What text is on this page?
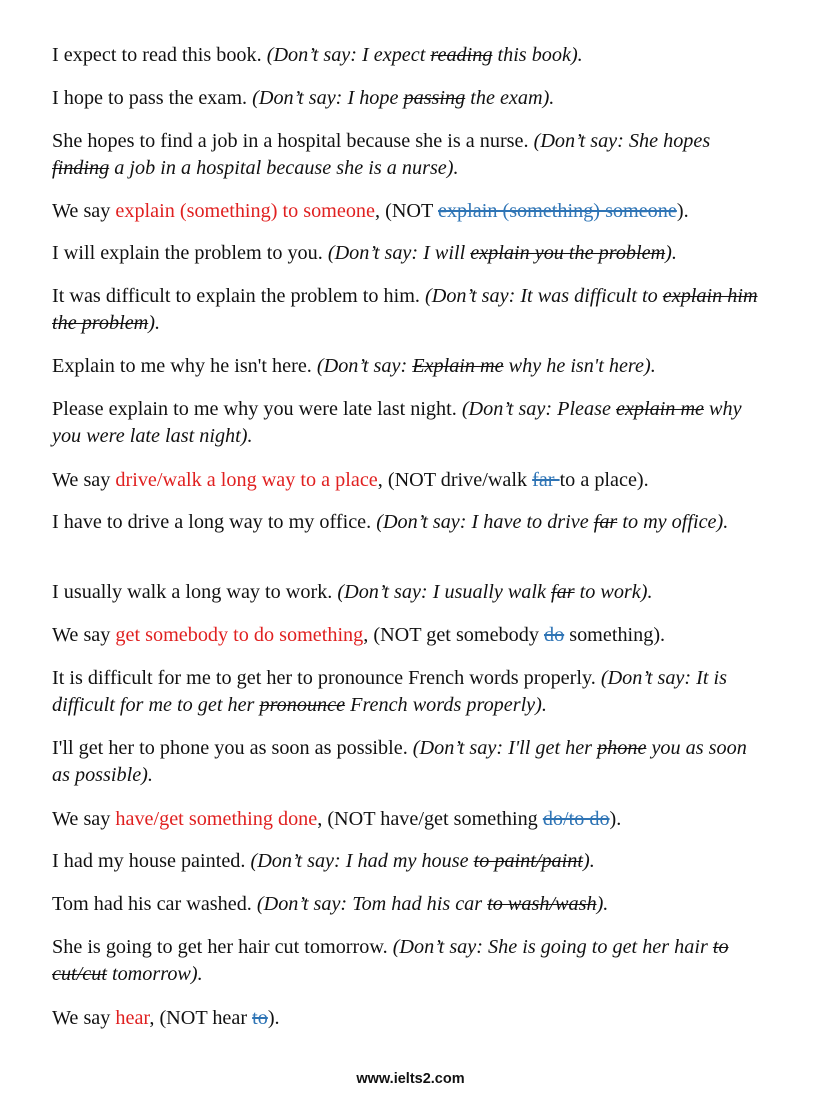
I expect to read this book. (Don’t say: I expect reading this book).

I hope to pass the exam. (Don’t say: I hope passing the exam).

She hopes to find a job in a hospital because she is a nurse. (Don’t say: She hopes finding a job in a hospital because she is a nurse).

We say explain (something) to someone, (NOT explain (something) someone).

I will explain the problem to you. (Don’t say: I will explain you the problem).

It was difficult to explain the problem to him. (Don’t say: It was difficult to explain him the problem).

Explain to me why he isn't here. (Don’t say: Explain me why he isn't here).

Please explain to me why you were late last night. (Don’t say: Please explain me why you were late last night).

We say drive/walk a long way to a place, (NOT drive/walk far to a place).

I have to drive a long way to my office. (Don’t say: I have to drive far to my office).

I usually walk a long way to work. (Don’t say: I usually walk far to work).

We say get somebody to do something, (NOT get somebody do something).

It is difficult for me to get her to pronounce French words properly. (Don’t say: It is difficult for me to get her pronounce French words properly).

I'll get her to phone you as soon as possible. (Don’t say: I'll get her phone you as soon as possible).

We say have/get something done, (NOT have/get something do/to do).

I had my house painted. (Don’t say: I had my house to paint/paint).

Tom had his car washed. (Don’t say: Tom had his car to wash/wash).

She is going to get her hair cut tomorrow. (Don’t say: She is going to get her hair to cut/cut tomorrow).

We say hear, (NOT hear to).

www.ielts2.com
